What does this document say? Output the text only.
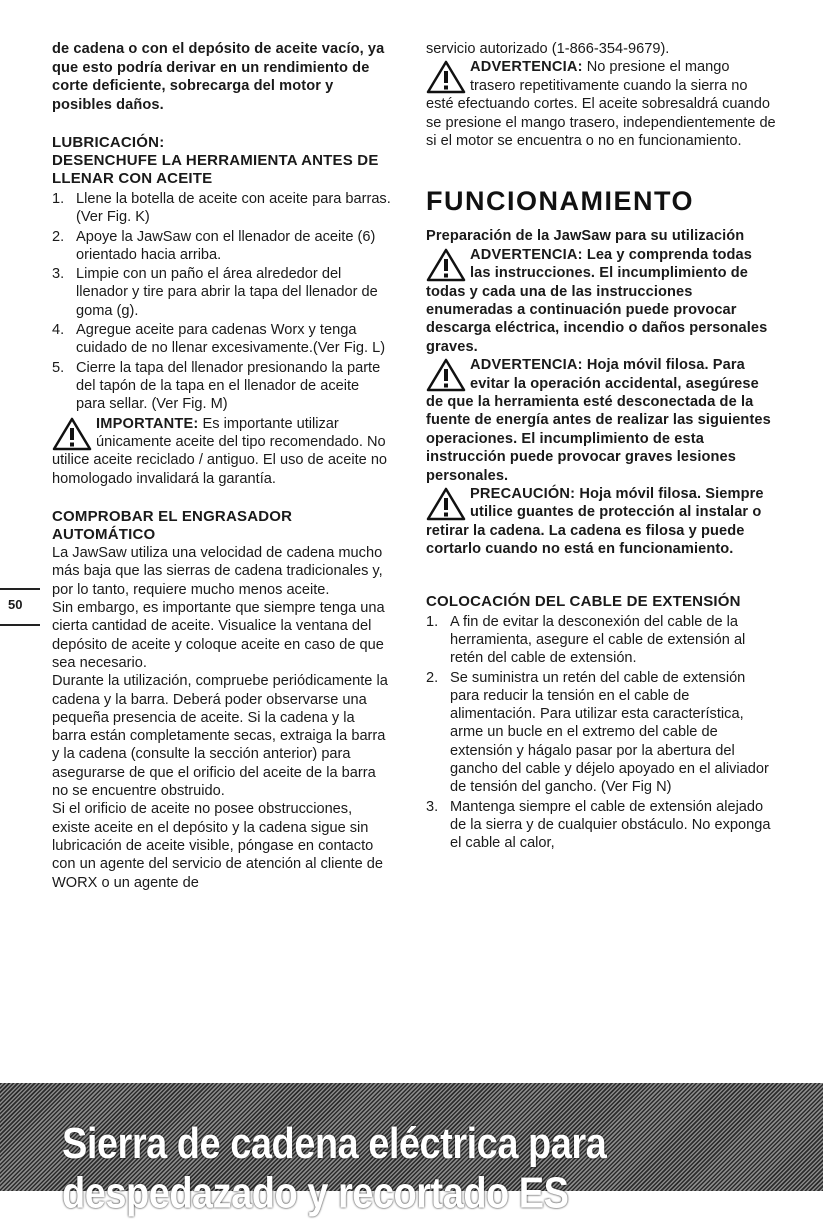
50

de cadena o con el depósito de aceite vacío, ya que esto podría derivar en un rendimiento de corte deficiente, sobrecarga del motor y posibles daños.

LUBRICACIÓN:

DESENCHUFE LA HERRAMIENTA ANTES DE LLENAR CON ACEITE

1. Llene la botella de aceite con aceite para barras. (Ver Fig. K)
2. Apoye la JawSaw con el llenador de aceite (6) orientado hacia arriba.
3. Limpie con un paño el área alrededor del llenador y tire para abrir la tapa del llenador de goma (g).
4. Agregue aceite para cadenas Worx y tenga cuidado de no llenar excesivamente.(Ver Fig. L)
5. Cierre la tapa del llenador presionando la parte del tapón de la tapa en el llenador de aceite para sellar. (Ver Fig. M)
IMPORTANTE: Es importante utilizar únicamente aceite del tipo recomendado. No utilice aceite reciclado / antiguo. El uso de aceite no homologado invalidará la garantía.

COMPROBAR EL ENGRASADOR AUTOMÁTICO

La JawSaw utiliza una velocidad de cadena mucho más baja que las sierras de cadena tradicionales y, por lo tanto, requiere mucho menos aceite.

Sin embargo, es importante que siempre tenga una cierta cantidad de aceite. Visualice la ventana del depósito de aceite y coloque aceite en caso de que sea necesario.

Durante la utilización, compruebe periódicamente la cadena y la barra. Deberá poder observarse una pequeña presencia de aceite. Si la cadena y la barra están completamente secas, extraiga la barra y la cadena (consulte la sección anterior) para asegurarse de que el orificio del aceite de la barra no se encuentre obstruido.

Si el orificio de aceite no posee obstrucciones, existe aceite en el depósito y la cadena sigue sin lubricación de aceite visible, póngase en contacto con un agente del servicio de atención al cliente de WORX o un agente de

servicio autorizado (1-866-354-9679).

ADVERTENCIA: No presione el mango trasero repetitivamente cuando la sierra no esté efectuando cortes. El aceite sobresaldrá cuando se presione el mango trasero, independientemente de si el motor se encuentra o no en funcionamiento.

FUNCIONAMIENTO

Preparación de la JawSaw para su utilización

ADVERTENCIA: Lea y comprenda todas las instrucciones. El incumplimiento de todas y cada una de las instrucciones enumeradas a continuación puede provocar descarga eléctrica, incendio o daños personales graves.
ADVERTENCIA: Hoja móvil filosa. Para evitar la operación accidental, asegúrese de que la herramienta esté desconectada de la fuente de energía antes de realizar las siguientes operaciones. El incumplimiento de esta instrucción puede provocar graves lesiones personales.
PRECAUCIÓN: Hoja móvil filosa. Siempre utilice guantes de protección al instalar o retirar la cadena. La cadena es filosa y puede cortarlo cuando no está en funcionamiento.

COLOCACIÓN DEL CABLE DE EXTENSIÓN

1. A fin de evitar la desconexión del cable de la herramienta, asegure el cable de extensión al retén del cable de extensión.
2. Se suministra un retén del cable de extensión para reducir la tensión en el cable de alimentación. Para utilizar esta característica, arme un bucle en el extremo del cable de extensión y hágalo pasar por la abertura del gancho del cable y déjelo apoyado en el aliviador de tensión del gancho. (Ver Fig N)
3. Mantenga siempre el cable de extensión alejado de la sierra y de cualquier obstáculo. No exponga el cable al calor,
Sierra de cadena eléctrica para despedazado y recortado ES
